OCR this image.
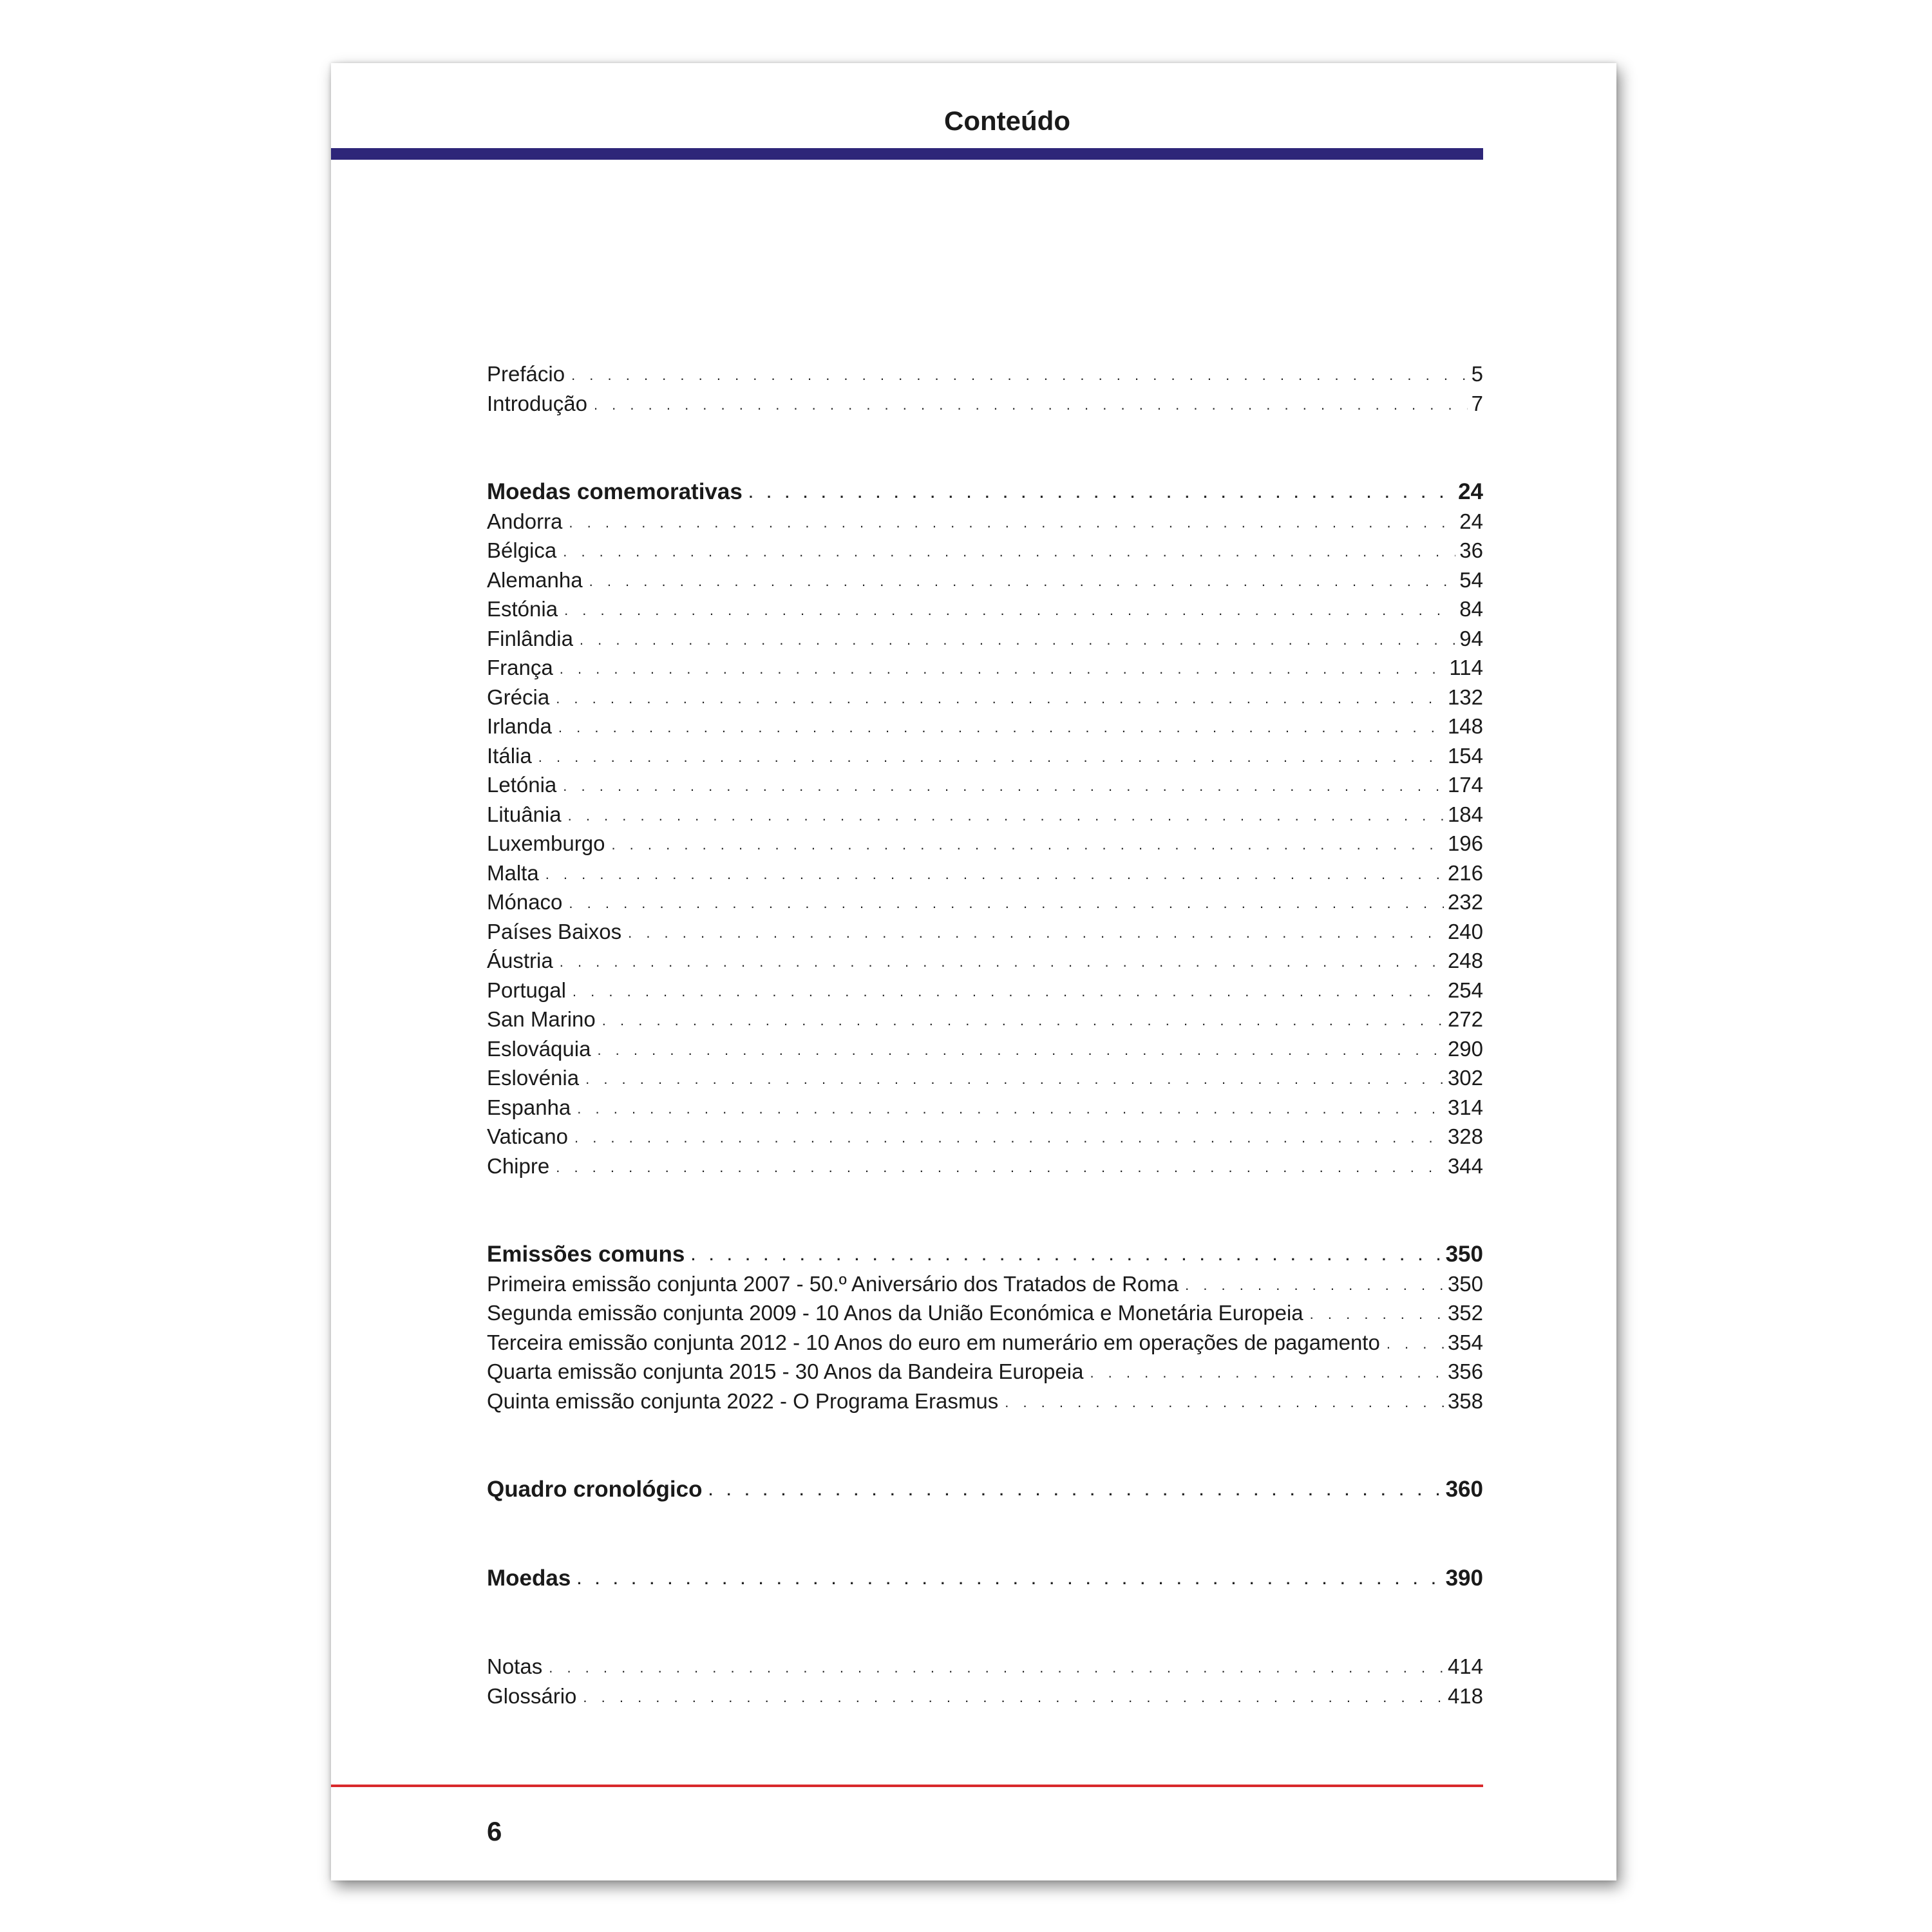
Conteúdo
Prefácio . . .	5
Introdução . . .	7
Moedas comemorativas . . .	24
Andorra . . .	24
Bélgica . . .	36
Alemanha . . .	54
Estónia . . .	84
Finlândia . . .	94
França . . .	114
Grécia . . .	132
Irlanda . . .	148
Itália . . .	154
Letónia . . .	174
Lituânia . . .	184
Luxemburgo . . .	196
Malta . . .	216
Mónaco . . .	232
Países Baixos . . .	240
Áustria . . .	248
Portugal . . .	254
San Marino . . .	272
Eslováquia . . .	290
Eslovénia . . .	302
Espanha . . .	314
Vaticano . . .	328
Chipre . . .	344
Emissões comuns . . .	350
Primeira emissão conjunta 2007 - 50.º Aniversário dos Tratados de Roma . . .	350
Segunda emissão conjunta 2009 - 10 Anos da União Económica e Monetária Europeia . . .	352
Terceira emissão conjunta 2012 - 10 Anos do euro em numerário em operações de pagamento . . .	354
Quarta emissão conjunta 2015 - 30 Anos da Bandeira Europeia . . .	356
Quinta emissão conjunta 2022 - O Programa Erasmus . . .	358
Quadro cronológico . . .	360
Moedas . . .	390
Notas . . .	414
Glossário . . .	418
6
